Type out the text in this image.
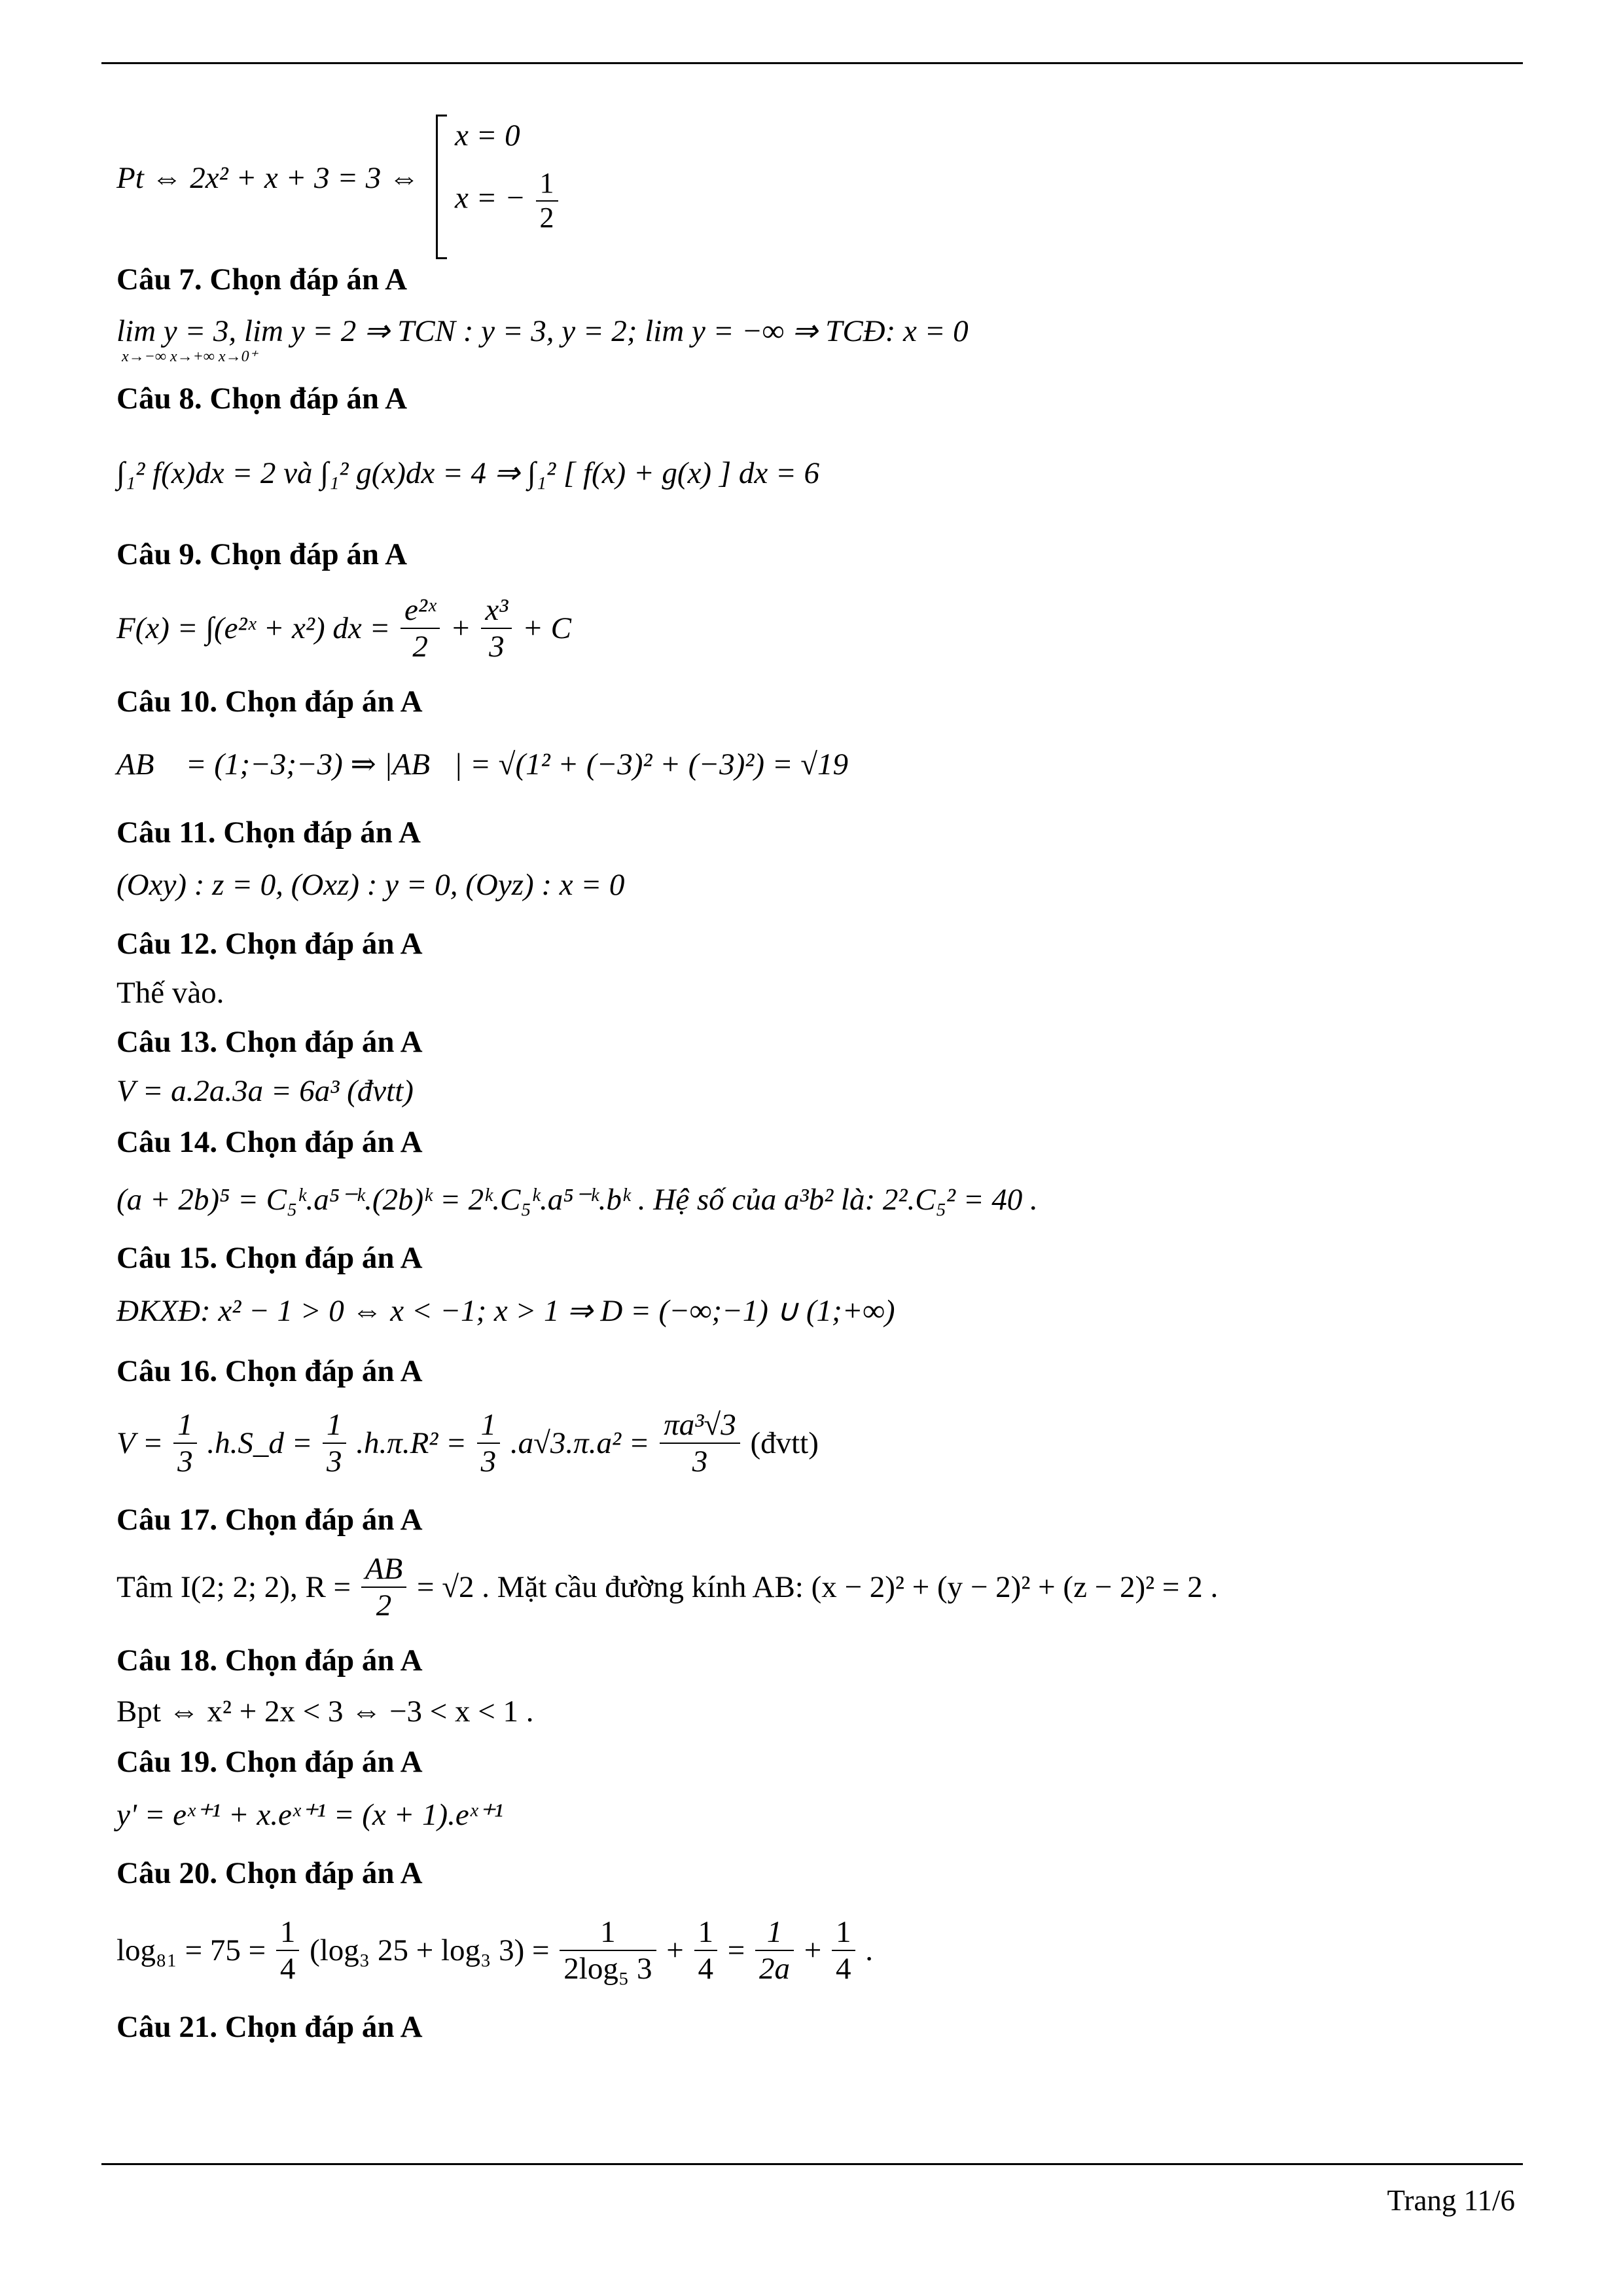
Pt ⇔ 2x² + x + 3 = 3 ⇔
x = 0
x = − $\frac{1}{2}$
Câu 7. Chọn đáp án A
lim y = 3, lim y = 2 ⇒ TCN : y = 3, y = 2; lim y = −∞ ⇒ TCĐ: x = 0
x→−∞ x→+∞ x→0⁺
Câu 8. Chọn đáp án A
∫₁² f(x)dx = 2 và ∫₁² g(x)dx = 4 ⇒ ∫₁² [ f(x) + g(x) ] dx = 6
Câu 9. Chọn đáp án A
F(x) = ∫(e²ˣ + x²) dx = $\frac{\text{e²ˣ}}{2} + \frac{\text{x³}}{3} + C$
Câu 10. Chọn đáp án A
AB⃗ = (1;−3;−3) ⇒ |AB⃗| = √(1² + (−3)² + (−3)²) = √19
Câu 11. Chọn đáp án A
(Oxy) : z = 0, (Oxz) : y = 0, (Oyz) : x = 0
Câu 12. Chọn đáp án A
Thế vào.
Câu 13. Chọn đáp án A
V = a.2a.3a = 6a³ (đvtt)
Câu 14. Chọn đáp án A
(a + 2b)⁵ = C₅ᵏ.a⁵⁻ᵏ.(2b)ᵏ = 2ᵏ.C₅ᵏ.a⁵⁻ᵏ.bᵏ . Hệ số của a³b² là: 2².C₅² = 40 .
Câu 15. Chọn đáp án A
ĐKXĐ: x² − 1 > 0 ⇔ x < −1; x > 1 ⇒ D = (−∞;−1) ∪ (1;+∞)
Câu 16. Chọn đáp án A
$V = \frac{1}{3}$ .h.S_d = $\frac{1}{3} .h.\pi.R^2 = \frac{1}{3} .a√3.\pi.a^2 = \frac{\text{πa³√3}}{3}$ (đvtt)
Câu 17. Chọn đáp án A
Tâm I(2; 2; 2), $R = \frac{AB}{2} = √2$ . Mặt cầu đường kính AB: (x − 2)² + (y − 2)² + (z − 2)² = 2 .
Câu 18. Chọn đáp án A
Bpt ⇔ x² + 2x < 3 ⇔ −3 < x < 1 .
Câu 19. Chọn đáp án A
y' = eˣ⁺¹ + x.eˣ⁺¹ = (x + 1).eˣ⁺¹
Câu 20. Chọn đáp án A
$\log_{81} = 75 = \frac{1}{4} (\log_3$ 25 + log₃ $3) = \frac{1}{\text{2log₅ 3}} + \frac{1}{4} = \frac{1}{2a} + \frac{1}{4}$ .
Câu 21. Chọn đáp án A
Trang 11/6
